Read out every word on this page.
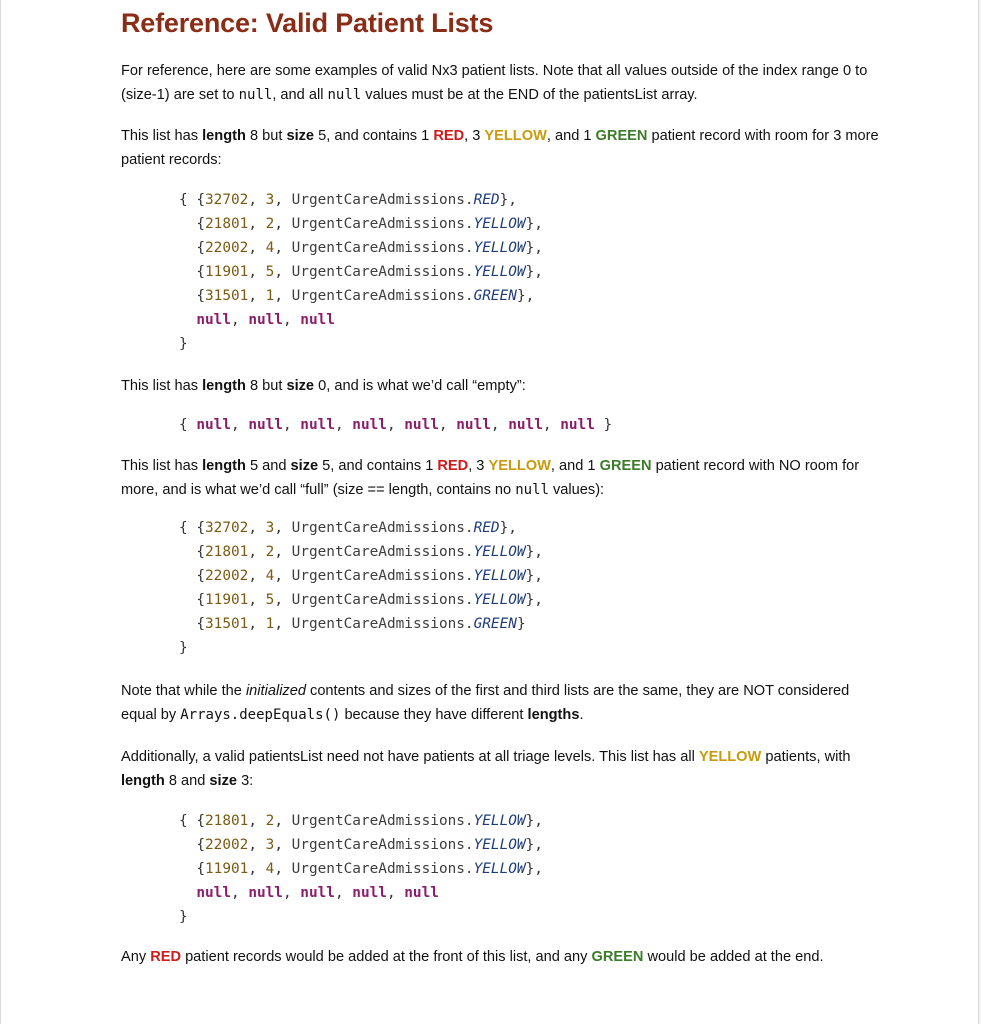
Reference: Valid Patient Lists

For reference, here are some examples of valid Nx3 patient lists. Note that all values outside of the index range 0 to (size-1) are set to null, and all null values must be at the END of the patientsList array.

This list has length 8 but size 5, and contains 1 RED, 3 YELLOW, and 1 GREEN patient record with room for 3 more patient records:

{ {32702, 3, UrgentCareAdmissions.RED},
{21801, 2, UrgentCareAdmissions.YELLOW},
{22002, 4, UrgentCareAdmissions.YELLOW},
{11901, 5, UrgentCareAdmissions.YELLOW},
{31501, 1, UrgentCareAdmissions.GREEN},
null, null, null
}

This list has length 8 but size 0, and is what we’d call “empty”:

{ null, null, null, null, null, null, null, null }

This list has length 5 and size 5, and contains 1 RED, 3 YELLOW, and 1 GREEN patient record with NO room for more, and is what we’d call “full” (size == length, contains no null values):

{ {32702, 3, UrgentCareAdmissions.RED},
{21801, 2, UrgentCareAdmissions.YELLOW},
{22002, 4, UrgentCareAdmissions.YELLOW},
{11901, 5, UrgentCareAdmissions.YELLOW},
{31501, 1, UrgentCareAdmissions.GREEN}
}

Note that while the initialized contents and sizes of the first and third lists are the same, they are NOT considered equal by Arrays.deepEquals() because they have different lengths.

Additionally, a valid patientsList need not have patients at all triage levels. This list has all YELLOW patients, with length 8 and size 3:

{ {21801, 2, UrgentCareAdmissions.YELLOW},
{22002, 3, UrgentCareAdmissions.YELLOW},
{11901, 4, UrgentCareAdmissions.YELLOW},
null, null, null, null, null
}

Any RED patient records would be added at the front of this list, and any GREEN would be added at the end.
